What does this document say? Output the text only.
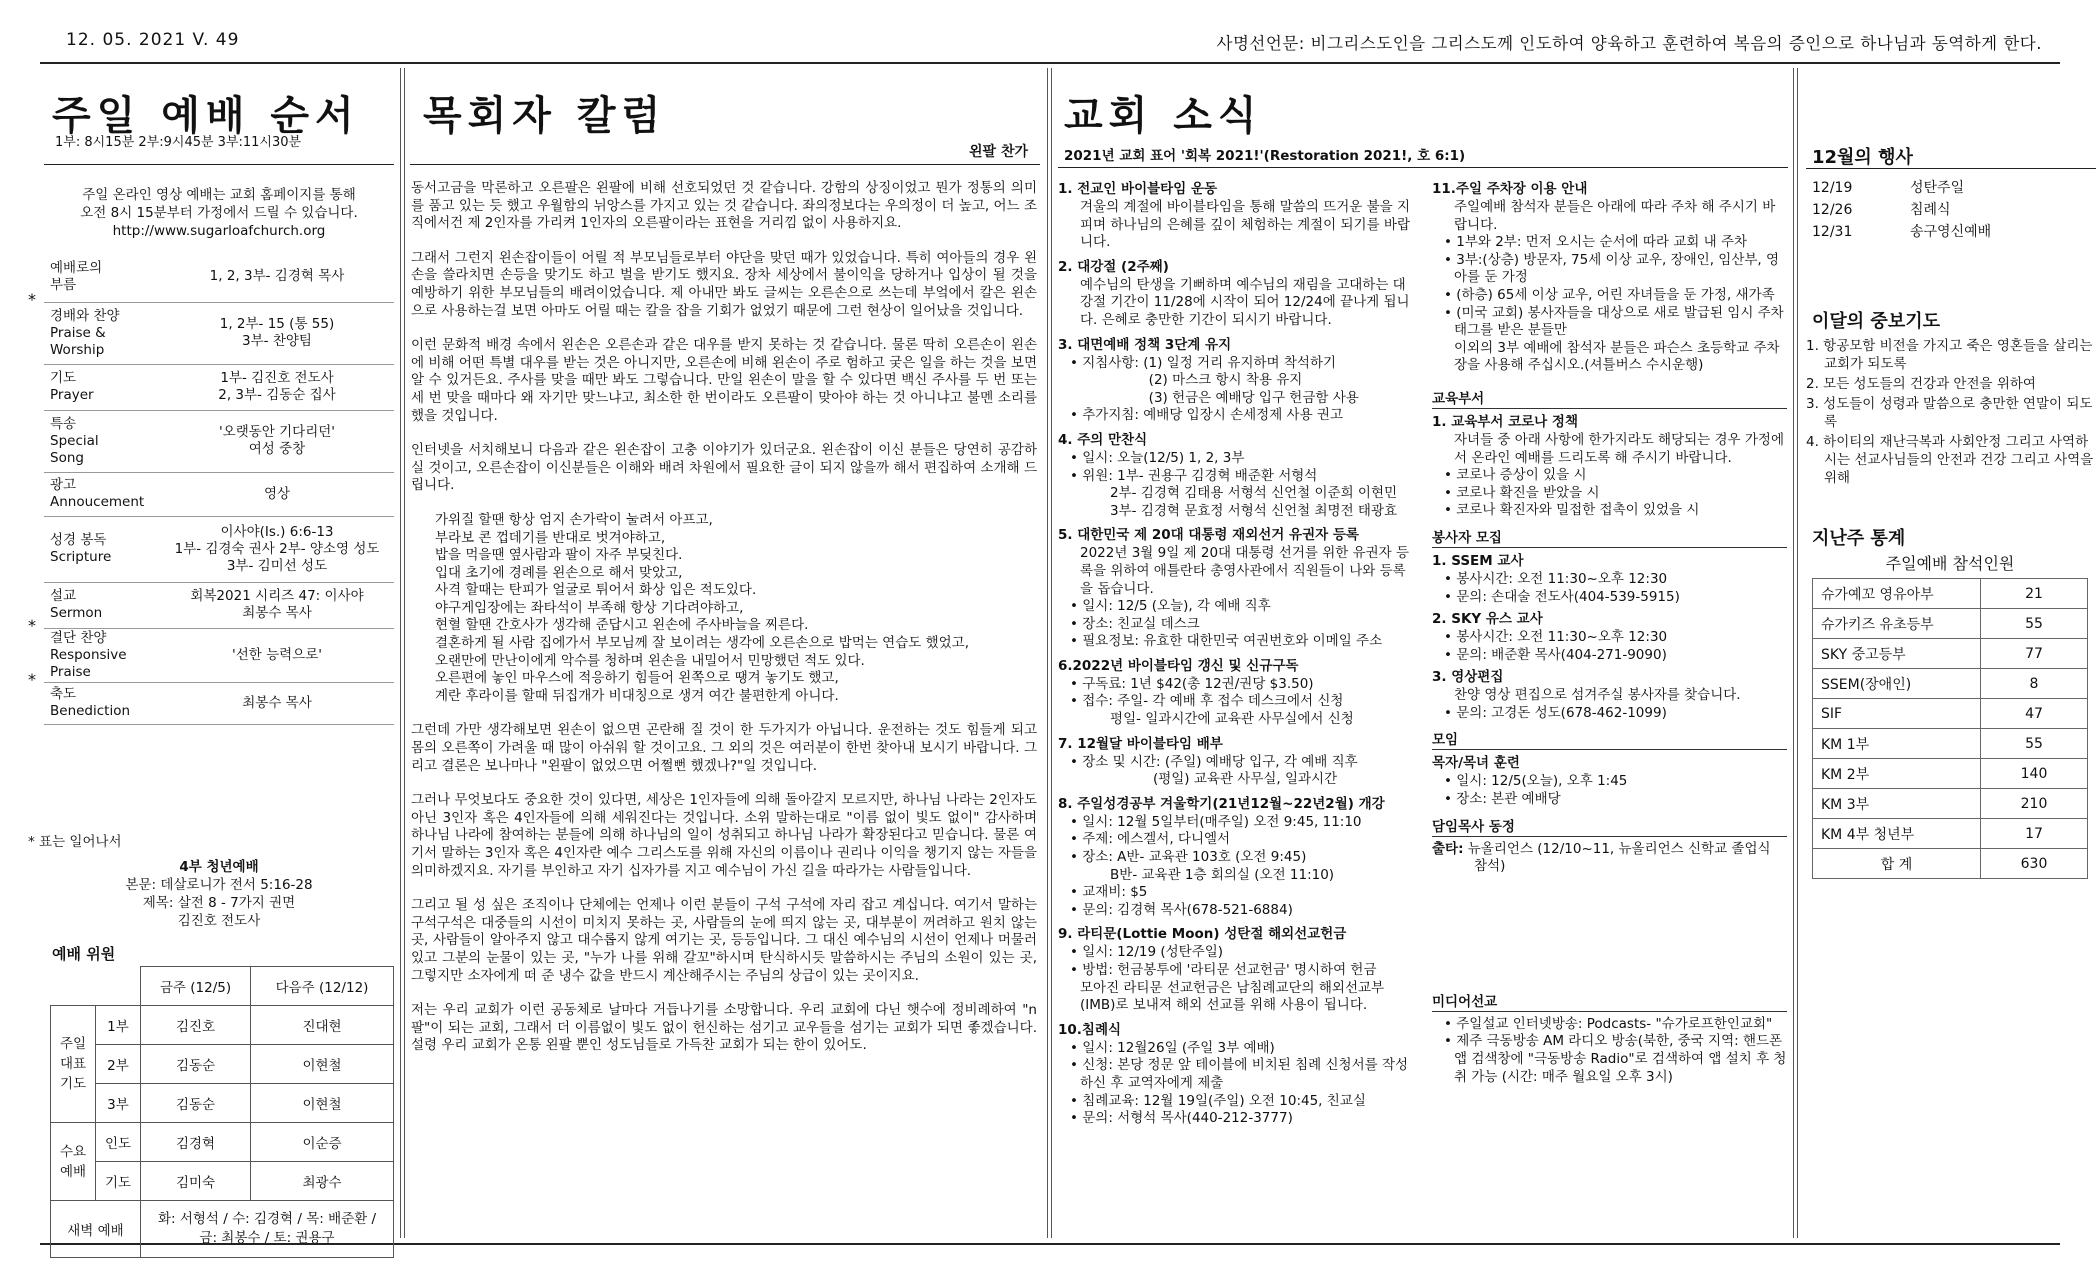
12. 05. 2021 V. 49	사명선언문: 비그리스도인을 그리스도께 인도하여 양육하고 훈련하여 복음의 증인으로 하나님과 동역하게 한다.
주일 예배 순서
1부: 8시15분 2부:9시45분 3부:11시30분
주일 온라인 영상 예배는 교회 홈페이지를 통해
오전 8시 15분부터 가정에서 드릴 수 있습니다.
http://www.sugarloafchurch.org
	예배로의
부름	1, 2, 3부- 김경혁 목사

*	경배와 찬양
Praise &
Worship	1, 2부- 15 (통 55)
3부- 찬양팀

	기도
Prayer	1부- 김진호 전도사
2, 3부- 김동순 집사

	특송
Special
Song	'오랫동안 기다리던'
여성 중창

	광고
Annoucement	영상

	성경 봉독
Scripture	이사야(Is.) 6:6-13
1부- 김경숙 권사 2부- 양소영 성도
3부- 김미선 성도

	설교
Sermon	회복2021 시리즈 47: 이사야
최봉수 목사

*	결단 찬양
Responsive
Praise	'선한 능력으로'

*	축도
Benediction	최봉수 목사
* 표는 일어나서
4부 청년예배
본문: 데살로니가 전서 5:16-28
제목: 살전 8 - 7가지 권면
김진호 전도사
예배 위원
		금주 (12/5)	다음주 (12/12)
주일
대표
기도	1부	김진호	진대현
	2부	김동순	이현철
	3부	김동순	이현철
수요
예배	인도	김경혁	이순증
	기도	김미숙	최광수
새벽 예배		화: 서형석 / 수: 김경혁 / 목: 배준환 /
금: 최봉수 / 토: 권용구	
목회자 칼럼
왼팔 찬가

동서고금을 막론하고 오른팔은 왼팔에 비해 선호되었던 것 같습니다. 강함의 상징이었고 뭔가 정통의 의미를 품고 있는 듯 했고 우월함의 뉘앙스를 가지고 있는 것 같습니다. 좌의정보다는 우의정이 더 높고, 어느 조직에서건 제 2인자를 가리켜 1인자의 오른팔이라는 표현을 거리낌 없이 사용하지요.

그래서 그런지 왼손잡이들이 어릴 적 부모님들로부터 야단을 맞던 때가 있었습니다. 특히 여아들의 경우 왼손을 쓸라치면 손등을 맞기도 하고 벌을 받기도 했지요. 장차 세상에서 불이익을 당하거나 입상이 될 것을 예방하기 위한 부모님들의 배려이었습니다. 제 아내만 봐도 글씨는 오른손으로 쓰는데 부엌에서 칼은 왼손으로 사용하는걸 보면 아마도 어릴 때는 칼을 잡을 기회가 없었기 때문에 그런 현상이 일어났을 것입니다.

이런 문화적 배경 속에서 왼손은 오른손과 같은 대우를 받지 못하는 것 같습니다. 물론 딱히 오른손이 왼손에 비해 어떤 특별 대우를 받는 것은 아니지만, 오른손에 비해 왼손이 주로 험하고 궂은 일을 하는 것을 보면 알 수 있거든요. 주사를 맞을 때만 봐도 그렇습니다. 만일 왼손이 말을 할 수 있다면 백신 주사를 두 번 또는 세 번 맞을 때마다 왜 자기만 맞느냐고, 최소한 한 번이라도 오른팔이 맞아야 하는 것 아니냐고 불멘 소리를 했을 것입니다.

인터넷을 서치해보니 다음과 같은 왼손잡이 고충 이야기가 있더군요. 왼손잡이 이신 분들은 당연히 공감하실 것이고, 오른손잡이 이신분들은 이해와 배려 차원에서 필요한 글이 되지 않을까 해서 편집하여 소개해 드립니다.

가위질 할땐 항상 엄지 손가락이 눌려서 아프고,
부라보 콘 껍데기를 반대로 벗겨야하고,
밥을 먹을땐 옆사람과 팔이 자주 부딪친다.
입대 초기에 경례를 왼손으로 해서 맞았고,
사격 할때는 탄피가 얼굴로 튀어서 화상 입은 적도있다.
야구게임장에는 좌타석이 부족해 항상 기다려야하고,
현혈 할땐 간호사가 생각해 준답시고 왼손에 주사바늘을 찌른다.
결혼하게 될 사람 집에가서 부모님께 잘 보이려는 생각에 오른손으로 밥먹는 연습도 했었고,
오랜만에 만난이에게 악수를 청하며 왼손을 내밀어서 민망했던 적도 있다.
오른편에 놓인 마우스에 적응하기 힘들어 왼쪽으로 땡겨 놓기도 했고,
계란 후라이를 할때 뒤집개가 비대칭으로 생겨 여간 불편한게 아니다.

그런데 가만 생각해보면 왼손이 없으면 곤란해 질 것이 한 두가지가 아닙니다. 운전하는 것도 힘들게 되고 몸의 오른쪽이 가려울 때 많이 아쉬워 할 것이고요. 그 외의 것은 여러분이 한번 찾아내 보시기 바랍니다. 그리고 결론은 보나마나 "왼팔이 없었으면 어쩔뻔 했겠나?"일 것입니다.

그러나 무엇보다도 중요한 것이 있다면, 세상은 1인자들에 의해 돌아갈지 모르지만, 하나님 나라는 2인자도 아닌 3인자 혹은 4인자들에 의해 세워진다는 것입니다. 소위 말하는대로 "이름 없이 빛도 없이" 감사하며 하나님 나라에 참여하는 분들에 의해 하나님의 일이 성취되고 하나님 나라가 확장된다고 믿습니다. 물론 여기서 말하는 3인자 혹은 4인자란 예수 그리스도를 위해 자신의 이름이나 권리나 이익을 챙기지 않는 자들을 의미하겠지요. 자기를 부인하고 자기 십자가를 지고 예수님이 가신 길을 따라가는 사람들입니다.

그리고 될 성 싶은 조직이나 단체에는 언제나 이런 분들이 구석 구석에 자리 잡고 계십니다. 여기서 말하는 구석구석은 대중들의 시선이 미치지 못하는 곳, 사람들의 눈에 띄지 않는 곳, 대부분이 꺼려하고 원치 않는 곳, 사람들이 알아주지 않고 대수롭지 않게 여기는 곳, 등등입니다. 그 대신 예수님의 시선이 언제나 머물러 있고 그분의 눈물이 있는 곳, "누가 나를 위해 갈꼬"하시며 탄식하시듯 말씀하시는 주님의 소원이 있는 곳, 그렇지만 소자에게 떠 준 냉수 값을 반드시 계산해주시는 주님의 상급이 있는 곳이지요.

저는 우리 교회가 이런 공동체로 날마다 거듭나기를 소망합니다. 우리 교회에 다닌 햇수에 정비례하여 "n팔"이 되는 교회, 그래서 더 이름없이 빛도 없이 헌신하는 섬기고 교우들을 섬기는 교회가 되면 좋겠습니다. 설령 우리 교회가 온통 왼팔 뿐인 성도님들로 가득찬 교회가 되는 한이 있어도.

교회 소식
2021년 교회 표어 '회복 2021!'(Restoration 2021!, 호 6:1)
1. 전교인 바이블타임 운동
겨울의 계절에 바이블타임을 통해 말씀의 뜨거운 불을 지피며 하나님의 은혜를 깊이 체험하는 계절이 되기를 바랍니다.
2. 대강절 (2주째)
예수님의 탄생을 기뻐하며 예수님의 재림을 고대하는 대강절 기간이 11/28에 시작이 되어 12/24에 끝나게 됩니다. 은혜로 충만한 기간이 되시기 바랍니다.
3. 대면예배 정책 3단계 유지
• 지침사항: (1) 일정 거리 유지하며 착석하기
(2) 마스크 항시 착용 유지
(3) 헌금은 예배당 입구 헌금함 사용
• 추가지침: 예배당 입장시 손세정제 사용 권고
4. 주의 만찬식
• 일시: 오늘(12/5) 1, 2, 3부
• 위원: 1부- 권용구 김경혁 배준환 서형석
2부- 김경혁 김태용 서형석 신언철 이준희 이현민
3부- 김경혁 문효정 서형석 신언철 최명전 태광효
5. 대한민국 제 20대 대통령 재외선거 유권자 등록
2022년 3월 9일 제 20대 대통령 선거를 위한 유권자 등록을 위하여 애틀란타 총영사관에서 직원들이 나와 등록을 돕습니다.
• 일시: 12/5 (오늘), 각 예배 직후
• 장소: 친교실 데스크
• 필요정보: 유효한 대한민국 여권번호와 이메일 주소
6.2022년 바이블타임 갱신 및 신규구독
• 구독료: 1년 $42(총 12권/권당 $3.50)
• 접수: 주일- 각 예배 후 접수 데스크에서 신청
평일- 일과시간에 교육관 사무실에서 신청
7. 12월달 바이블타임 배부
• 장소 및 시간: (주일) 예배당 입구, 각 예배 직후
(평일) 교육관 사무실, 일과시간
8. 주일성경공부 겨울학기(21년12월~22년2월) 개강
• 일시: 12월 5일부터(매주일) 오전 9:45, 11:10
• 주제: 에스겔서, 다니엘서
• 장소: A반- 교육관 103호 (오전 9:45)
B반- 교육관 1층 회의실 (오전 11:10)
• 교재비: $5
• 문의: 김경혁 목사(678-521-6884)
9. 라티문(Lottie Moon) 성탄절 해외선교헌금
• 일시: 12/19 (성탄주일)
• 방법: 헌금봉투에 '라티문 선교헌금' 명시하여 헌금
모아진 라티문 선교헌금은 남침례교단의 해외선교부(IMB)로 보내져 해외 선교를 위해 사용이 됩니다.
10.침례식
• 일시: 12월26일 (주일 3부 예배)
• 신청: 본당 정문 앞 테이블에 비치된 침례 신청서를 작성하신 후 교역자에게 제출
• 침례교육: 12월 19일(주일) 오전 10:45, 친교실
• 문의: 서형석 목사(440-212-3777)
11.주일 주차장 이용 안내
주일예배 참석자 분들은 아래에 따라 주차 해 주시기 바랍니다.
• 1부와 2부: 먼저 오시는 순서에 따라 교회 내 주차
• 3부:(상층) 방문자, 75세 이상 교우, 장애인, 임산부, 영아를 둔 가정
• (하층) 65세 이상 교우, 어린 자녀들을 둔 가정, 새가족
• (미국 교회) 봉사자들을 대상으로 새로 발급된 임시 주차태그를 받은 분들만
이외의 3부 예배에 참석자 분들은 파슨스 초등학교 주차장을 사용해 주십시오.(셔틀버스 수시운행)
교육부서
1. 교육부서 코로나 정책
자녀들 중 아래 사항에 한가지라도 해당되는 경우 가정에서 온라인 예배를 드리도록 해 주시기 바랍니다.
• 코로나 증상이 있을 시
• 코로나 확진을 받았을 시
• 코로나 확진자와 밀접한 접촉이 있었을 시
봉사자 모집
1. SSEM 교사
• 봉사시간: 오전 11:30~오후 12:30
• 문의: 손대술 전도사(404-539-5915)
2. SKY 유스 교사
• 봉사시간: 오전 11:30~오후 12:30
• 문의: 배준환 목사(404-271-9090)
3. 영상편집
찬양 영상 편집으로 섬겨주실 봉사자를 찾습니다.
• 문의: 고경돈 성도(678-462-1099)
모임
목자/목녀 훈련
• 일시: 12/5(오늘), 오후 1:45
• 장소: 본관 예배당
담임목사 동정
출타: 뉴올리언스 (12/10~11, 뉴올리언스 신학교 졸업식 참석)
미디어선교
• 주일설교 인터넷방송: Podcasts- "슈가로프한인교회"
• 제주 극동방송 AM 라디오 방송(북한, 중국 지역: 핸드폰 앱 검색창에 "극동방송 Radio"로 검색하여 앱 설치 후 청취 가능 (시간: 매주 월요일 오후 3시)
12월의 행사
12/19	성탄주일
12/26	침례식
12/31	송구영신예배
이달의 중보기도
1. 항공모함 비전을 가지고 죽은 영혼들을 살리는 교회가 되도록
2. 모든 성도들의 건강과 안전을 위하여
3. 성도들이 성령과 말씀으로 충만한 연말이 되도록
4. 하이티의 재난극복과 사회안정 그리고 사역하시는 선교사님들의 안전과 건강 그리고 사역을 위해
지난주 통계
주일예배 참석인원
슈가예꼬 영유아부	21
슈가키즈 유초등부	55
SKY 중고등부	77
SSEM(장애인)	8
SIF	47
KM 1부	55
KM 2부	140
KM 3부	210
KM 4부 청년부	17
합 계	630
